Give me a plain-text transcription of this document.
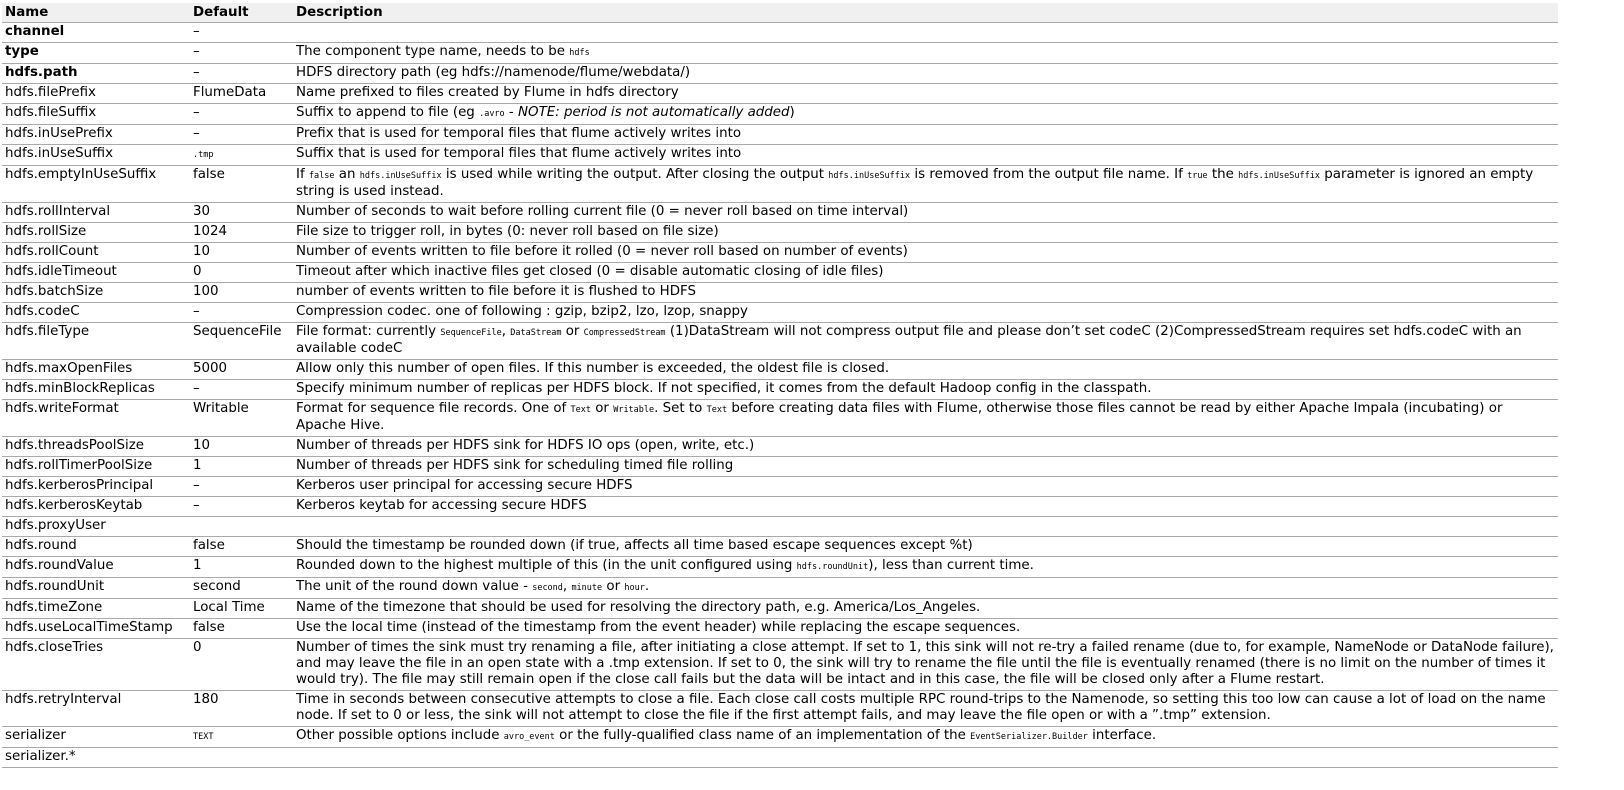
Name	Default	Description
channel	–	
type	–	The component type name, needs to be hdfs
hdfs.path	–	HDFS directory path (eg hdfs://namenode/flume/webdata/)
hdfs.filePrefix	FlumeData	Name prefixed to files created by Flume in hdfs directory
hdfs.fileSuffix	–	Suffix to append to file (eg .avro - NOTE: period is not automatically added)
hdfs.inUsePrefix	–	Prefix that is used for temporal files that flume actively writes into
hdfs.inUseSuffix	.tmp	Suffix that is used for temporal files that flume actively writes into
hdfs.emptyInUseSuffix	false	If false an hdfs.inUseSuffix is used while writing the output. After closing the output hdfs.inUseSuffix is removed from the output file name. If true the hdfs.inUseSuffix parameter is ignored an empty string is used instead.
hdfs.rollInterval	30	Number of seconds to wait before rolling current file (0 = never roll based on time interval)
hdfs.rollSize	1024	File size to trigger roll, in bytes (0: never roll based on file size)
hdfs.rollCount	10	Number of events written to file before it rolled (0 = never roll based on number of events)
hdfs.idleTimeout	0	Timeout after which inactive files get closed (0 = disable automatic closing of idle files)
hdfs.batchSize	100	number of events written to file before it is flushed to HDFS
hdfs.codeC	–	Compression codec. one of following : gzip, bzip2, lzo, lzop, snappy
hdfs.fileType	SequenceFile	File format: currently SequenceFile, DataStream or CompressedStream (1)DataStream will not compress output file and please don’t set codeC (2)CompressedStream requires set hdfs.codeC with an available codeC
hdfs.maxOpenFiles	5000	Allow only this number of open files. If this number is exceeded, the oldest file is closed.
hdfs.minBlockReplicas	–	Specify minimum number of replicas per HDFS block. If not specified, it comes from the default Hadoop config in the classpath.
hdfs.writeFormat	Writable	Format for sequence file records. One of Text or Writable. Set to Text before creating data files with Flume, otherwise those files cannot be read by either Apache Impala (incubating) or Apache Hive.
hdfs.threadsPoolSize	10	Number of threads per HDFS sink for HDFS IO ops (open, write, etc.)
hdfs.rollTimerPoolSize	1	Number of threads per HDFS sink for scheduling timed file rolling
hdfs.kerberosPrincipal	–	Kerberos user principal for accessing secure HDFS
hdfs.kerberosKeytab	–	Kerberos keytab for accessing secure HDFS
hdfs.proxyUser		
hdfs.round	false	Should the timestamp be rounded down (if true, affects all time based escape sequences except %t)
hdfs.roundValue	1	Rounded down to the highest multiple of this (in the unit configured using hdfs.roundUnit), less than current time.
hdfs.roundUnit	second	The unit of the round down value - second, minute or hour.
hdfs.timeZone	Local Time	Name of the timezone that should be used for resolving the directory path, e.g. America/Los_Angeles.
hdfs.useLocalTimeStamp	false	Use the local time (instead of the timestamp from the event header) while replacing the escape sequences.
hdfs.closeTries	0	Number of times the sink must try renaming a file, after initiating a close attempt. If set to 1, this sink will not re-try a failed rename (due to, for example, NameNode or DataNode failure), and may leave the file in an open state with a .tmp extension. If set to 0, the sink will try to rename the file until the file is eventually renamed (there is no limit on the number of times it would try). The file may still remain open if the close call fails but the data will be intact and in this case, the file will be closed only after a Flume restart.
hdfs.retryInterval	180	Time in seconds between consecutive attempts to close a file. Each close call costs multiple RPC round-trips to the Namenode, so setting this too low can cause a lot of load on the name node. If set to 0 or less, the sink will not attempt to close the file if the first attempt fails, and may leave the file open or with a ”.tmp” extension.
serializer	TEXT	Other possible options include avro_event or the fully-qualified class name of an implementation of the EventSerializer.Builder interface.
serializer.*		
